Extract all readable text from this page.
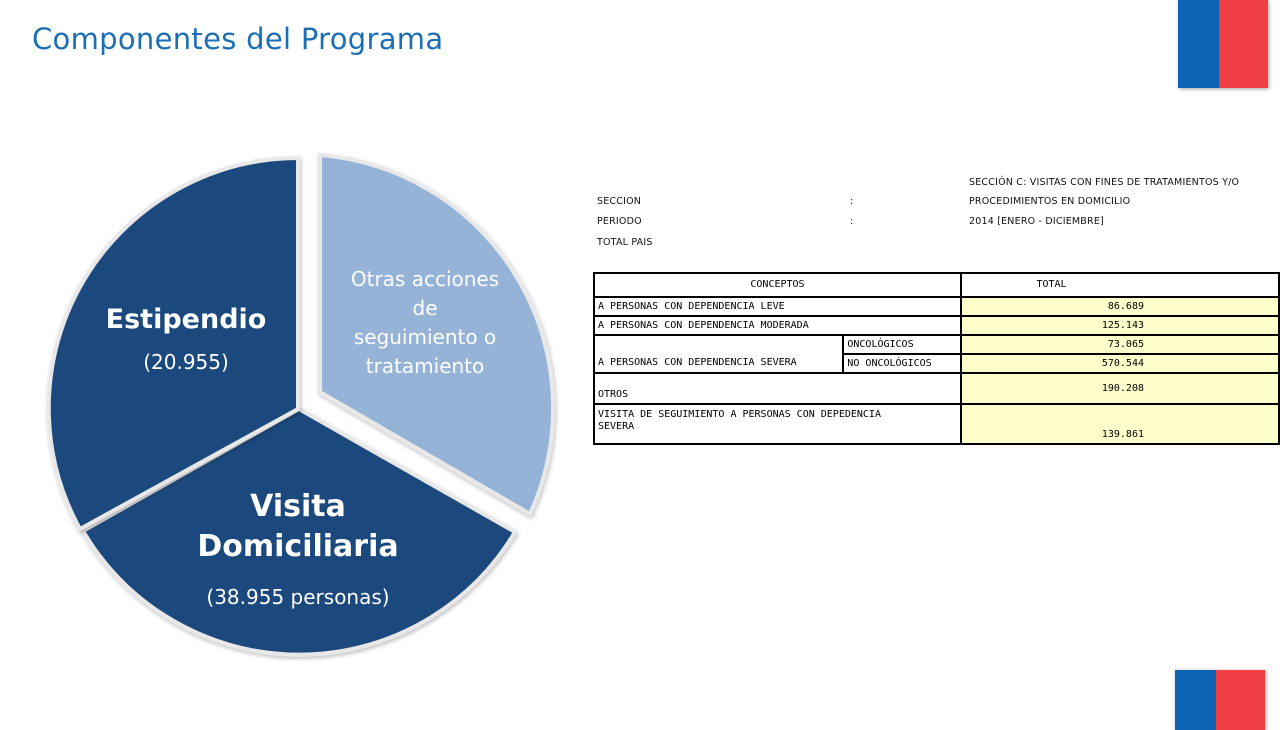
Componentes del Programa
Otras acciones
de
seguimiento o
tratamiento
Estipendio
(20.955)
Visita
Domiciliaria
(38.955 personas)
SECCIÓN C: VISITAS CON FINES DE TRATAMIENTOS Y/O
SECCION	:	PROCEDIMIENTOS EN DOMICILIO
PERIODO	:	2014 [ENERO - DICIEMBRE]
TOTAL PAIS
CONCEPTOS		TOTAL
A PERSONAS CON DEPENDENCIA LEVE		86.689
A PERSONAS CON DEPENDENCIA MODERADA		125.143
A PERSONAS CON DEPENDENCIA SEVERA	ONCOLÓGICOS	73.065
	NO ONCOLÓGICOS	570.544
OTROS		190.208

VISITA DE SEGUIMIENTO A PERSONAS CON DEPEDENCIA
SEVERA		139.861
